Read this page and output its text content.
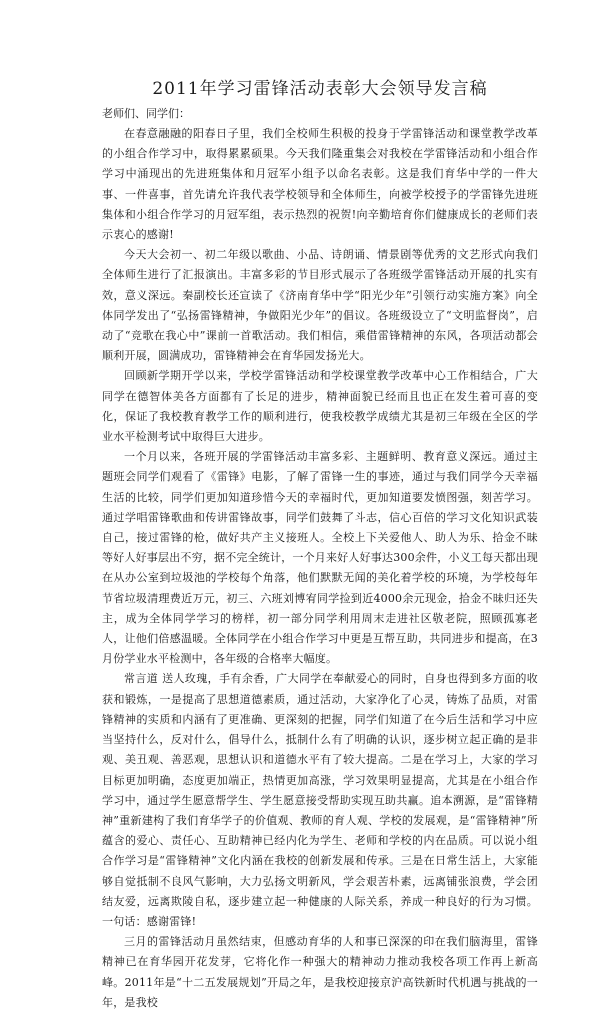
2011年学习雷锋活动表彰大会领导发言稿

老师们、同学们：

在春意融融的阳春日子里，我们全校师生积极的投身于学雷锋活动和课堂教学改革的小组合作学习中，取得累累硕果。今天我们隆重集会对我校在学雷锋活动和小组合作学习中涌现出的先进班集体和月冠军小组予以命名表彰。这是我们育华中学的一件大事、一件喜事，首先请允许我代表学校领导和全体师生，向被学校授予的学雷锋先进班集体和小组合作学习的月冠军组，表示热烈的祝贺!向辛勤培育你们健康成长的老师们表示衷心的感谢!

今天大会初一、初二年级以歌曲、小品、诗朗诵、情景剧等优秀的文艺形式向我们全体师生进行了汇报演出。丰富多彩的节目形式展示了各班级学雷锋活动开展的扎实有效，意义深远。秦副校长还宣读了《济南育华中学“阳光少年”引领行动实施方案》向全体同学发出了“弘扬雷锋精神，争做阳光少年”的倡议。各班级设立了“文明监督岗”，启动了“竞歌在我心中”课前一首歌活动。我们相信，乘借雷锋精神的东风，各项活动都会顺利开展，圆满成功，雷锋精神会在育华园发扬光大。

回顾新学期开学以来，学校学雷锋活动和学校课堂教学改革中心工作相结合，广大同学在德智体美各方面都有了长足的进步，精神面貌已经而且也正在发生着可喜的变化，保证了我校教育教学工作的顺利进行，使我校教学成绩尤其是初三年级在全区的学业水平检测考试中取得巨大进步。

一个月以来，各班开展的学雷锋活动丰富多彩、主题鲜明、教育意义深远。通过主题班会同学们观看了《雷锋》电影，了解了雷锋一生的事迹，通过与我们同学今天幸福生活的比较，同学们更加知道珍惜今天的幸福时代，更加知道要发愤图强，刻苦学习。通过学唱雷锋歌曲和传讲雷锋故事，同学们鼓舞了斗志，信心百倍的学习文化知识武装自己，接过雷锋的枪，做好共产主义接班人。全校上下关爱他人、助人为乐、拾金不昧等好人好事层出不穷，据不完全统计，一个月来好人好事达300余件，小义工每天都出现在从办公室到垃圾池的学校每个角落，他们默默无闻的美化着学校的环境，为学校每年节省垃圾清理费近万元，初三、六班刘博宥同学捡到近4000余元现金，拾金不昧归还失主，成为全体同学学习的榜样，初一部分同学利用周末走进社区敬老院，照顾孤寡老人，让他们倍感温暖。全体同学在小组合作学习中更是互帮互助，共同进步和提高，在3月份学业水平检测中，各年级的合格率大幅度。

常言道 送人玫瑰，手有余香，广大同学在奉献爱心的同时，自身也得到多方面的收获和锻炼，一是提高了思想道德素质，通过活动，大家净化了心灵，铸炼了品质，对雷锋精神的实质和内涵有了更准确、更深刻的把握，同学们知道了在今后生活和学习中应当坚持什么，反对什么，倡导什么，抵制什么有了明确的认识，逐步树立起正确的是非观、美丑观、善恶观，思想认识和道德水平有了较大提高。二是在学习上，大家的学习目标更加明确，态度更加端正，热情更加高涨，学习效果明显提高，尤其是在小组合作学习中，通过学生愿意帮学生、学生愿意接受帮助实现互助共赢。追本溯源，是“雷锋精神”重新建构了我们育华学子的价值观、教师的育人观、学校的发展观，是“雷锋精神”所蕴含的爱心、责任心、互助精神已经内化为学生、老师和学校的内在品质。可以说小组合作学习是“雷锋精神”文化内涵在我校的创新发展和传承。三是在日常生活上，大家能够自觉抵制不良风气影响，大力弘扬文明新风，学会艰苦朴素，远离铺张浪费，学会团结友爱，远离欺陵自私，逐步建立起一种健康的人际关系，养成一种良好的行为习惯。一句话：感谢雷锋!

三月的雷锋活动月虽然结束，但感动育华的人和事已深深的印在我们脑海里，雷锋精神已在育华园开花发芽，它将化作一种强大的精神动力推动我校各项工作再上新高峰。2011年是“十二五发展规划”开局之年，是我校迎接京沪高铁新时代机遇与挑战的一年，是我校
